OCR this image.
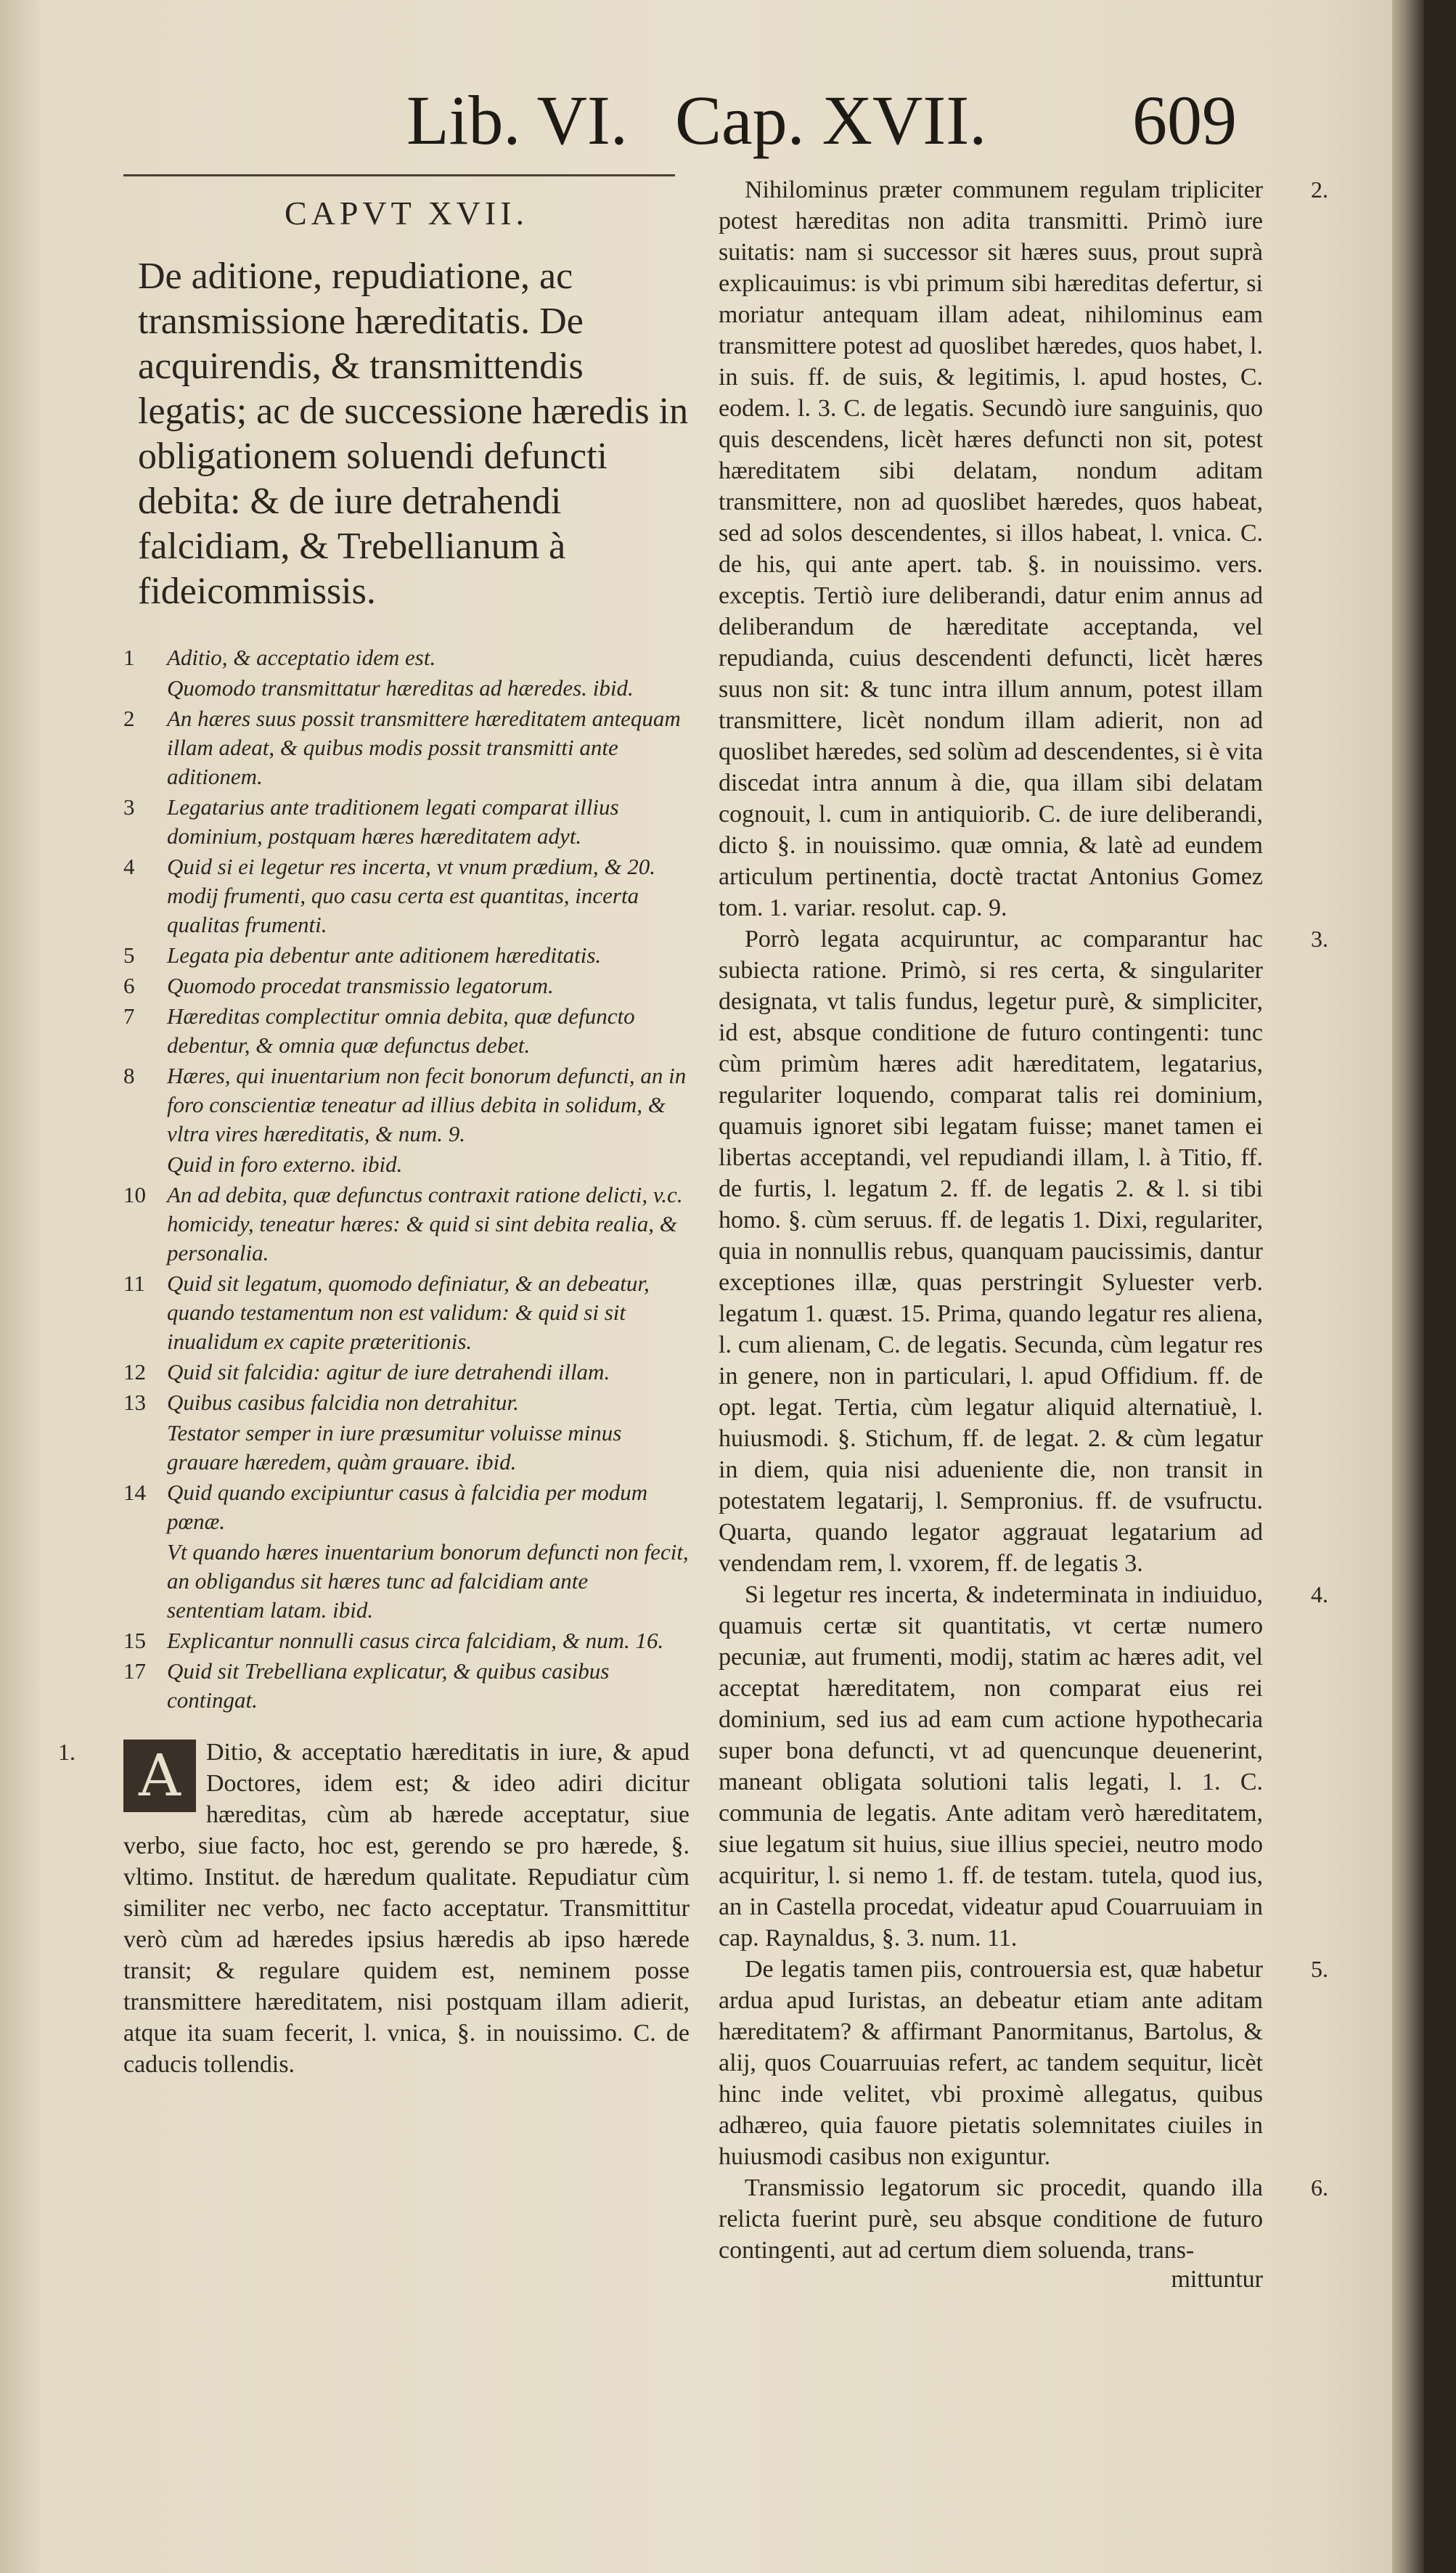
Lib. VI. Cap. XVII. 609
CAPVT XVII.
De aditione, repudiatione, ac transmissione hæreditatis. De acquirendis, & transmittendis legatis; ac de successione hæredis in obligationem soluendi defuncti debita: & de iure detrahendi falcidiam, & Trebellianum à fideicommissis.
1	Aditio, & acceptatio idem est.
Quomodo transmittatur hæreditas ad hæredes. ibid.
2	An hæres suus possit transmittere hæreditatem antequam illam adeat, & quibus modis possit transmitti ante aditionem.
3	Legatarius ante traditionem legati comparat illius dominium, postquam hæres hæreditatem adyt.
4	Quid si ei legetur res incerta, vt vnum prædium, & 20. modij frumenti, quo casu certa est quantitas, incerta qualitas frumenti.
5	Legata pia debentur ante aditionem hæreditatis.
6	Quomodo procedat transmissio legatorum.
7	Hæreditas complectitur omnia debita, quæ defuncto debentur, & omnia quæ defunctus debet.
8	Hæres, qui inuentarium non fecit bonorum defuncti, an in foro conscientiæ teneatur ad illius debita in solidum, & vltra vires hæreditatis, & num. 9.
Quid in foro externo. ibid.
10 An ad debita, quæ defunctus contraxit ratione delicti, v.c. homicidy, teneatur hæres: & quid si sint debita realia, & personalia.
11 Quid sit legatum, quomodo definiatur, & an debeatur, quando testamentum non est validum: & quid si sit inualidum ex capite præteritionis.
12 Quid sit falcidia: agitur de iure detrahendi illam.
13 Quibus casibus falcidia non detrahitur.
Testator semper in iure præsumitur voluisse minus grauare hæredem, quàm grauare. ibid.
14 Quid quando excipiuntur casus à falcidia per modum pœnæ.
Vt quando hæres inuentarium bonorum defuncti non fecit, an obligandus sit hæres tunc ad falcidiam ante sententiam latam. ibid.
15 Explicantur nonnulli casus circa falcidiam, & num. 16.
17 Quid sit Trebelliana explicatur, & quibus casibus contingat.
1. A	Ditio, & acceptatio hæreditatis in iure, & apud Doctores, idem est; & ideo adiri dicitur hæreditas, cùm ab hærede acceptatur, siue verbo, siue facto, hoc est, gerendo se pro hærede, §. vltimo. Institut. de hæredum qualitate. Repudiatur cùm similiter nec verbo, nec facto acceptatur. Transmittitur verò cùm ad hæredes ipsius hæredis ab ipso hærede transit; & regulare quidem est, neminem posse transmittere hæreditatem, nisi postquam illam adierit, atque ita suam fecerit, l. vnica, §. in nouissimo. C. de caducis tollendis.
2.
Nihilominus præter communem regulam tripliciter potest hæreditas non adita transmitti. Primò iure suitatis: nam si successor sit hæres suus, prout suprà explicauimus: is vbi primum sibi hæreditas defertur, si moriatur antequam illam adeat, nihilominus eam transmittere potest ad quoslibet hæredes, quos habet, l. in suis. ff. de suis, & legitimis, l. apud hostes, C. eodem. l. 3. C. de legatis. Secundò iure sanguinis, quo quis descendens, licèt hæres defuncti non sit, potest hæreditatem sibi delatam, nondum aditam transmittere, non ad quoslibet hæredes, quos habeat, sed ad solos descendentes, si illos habeat, l. vnica. C. de his, qui ante apert. tab. §. in nouissimo. vers. exceptis. Tertiò iure deliberandi, datur enim annus ad deliberandum de hæreditate acceptanda, vel repudianda, cuius descendenti defuncti, licèt hæres suus non sit: & tunc intra illum annum, potest illam transmittere, licèt nondum illam adierit, non ad quoslibet hæredes, sed solùm ad descendentes, si è vita discedat intra annum à die, qua illam sibi delatam cognouit, l. cum in antiquiorib. C. de iure deliberandi, dicto §. in nouissimo. quæ omnia, & latè ad eundem articulum pertinentia, doctè tractat Antonius Gomez tom. 1. variar. resolut. cap. 9.
3.
Porrò legata acquiruntur, ac comparantur hac subiecta ratione. Primò, si res certa, & singulariter designata, vt talis fundus, legetur purè, & simpliciter, id est, absque conditione de futuro contingenti: tunc cùm primùm hæres adit hæreditatem, legatarius, regulariter loquendo, comparat talis rei dominium, quamuis ignoret sibi legatam fuisse; manet tamen ei libertas acceptandi, vel repudiandi illam, l. à Titio, ff. de furtis, l. legatum 2. ff. de legatis 2. & l. si tibi homo. §. cùm seruus. ff. de legatis 1. Dixi, regulariter, quia in nonnullis rebus, quanquam paucissimis, dantur exceptiones illæ, quas perstringit Syluester verb. legatum 1. quæst. 15. Prima, quando legatur res aliena, l. cum alienam, C. de legatis. Secunda, cùm legatur res in genere, non in particulari, l. apud Offidium. ff. de opt. legat. Tertia, cùm legatur aliquid alternatiuè, l. huiusmodi. §. Stichum, ff. de legat. 2. & cùm legatur in diem, quia nisi adueniente die, non transit in potestatem legatarij, l. Sempronius. ff. de vsufructu. Quarta, quando legator aggrauat legatarium ad vendendam rem, l. vxorem, ff. de legatis 3.
4.
Si legetur res incerta, & indeterminata in indiuiduo, quamuis certæ sit quantitatis, vt certæ numero pecuniæ, aut frumenti, modij, statim ac hæres adit, vel acceptat hæreditatem, non comparat eius rei dominium, sed ius ad eam cum actione hypothecaria super bona defuncti, vt ad quencunque deuenerint, maneant obligata solutioni talis legati, l. 1. C. communia de legatis. Ante aditam verò hæreditatem, siue legatum sit huius, siue illius speciei, neutro modo acquiritur, l. si nemo 1. ff. de testam. tutela, quod ius, an in Castella procedat, videatur apud Couarruuiam in cap. Raynaldus, §. 3. num. 11.
5.
De legatis tamen piis, controuersia est, quæ habetur ardua apud Iuristas, an debeatur etiam ante aditam hæreditatem? & affirmant Panormitanus, Bartolus, & alij, quos Couarruuias refert, ac tandem sequitur, licèt hinc inde velitet, vbi proximè allegatus, quibus adhæreo, quia fauore pietatis solemnitates ciuiles in huiusmodi casibus non exiguntur.
6.
Transmissio legatorum sic procedit, quando illa relicta fuerint purè, seu absque conditione de futuro contingenti, aut ad certum diem soluenda, trans-
mittuntur
